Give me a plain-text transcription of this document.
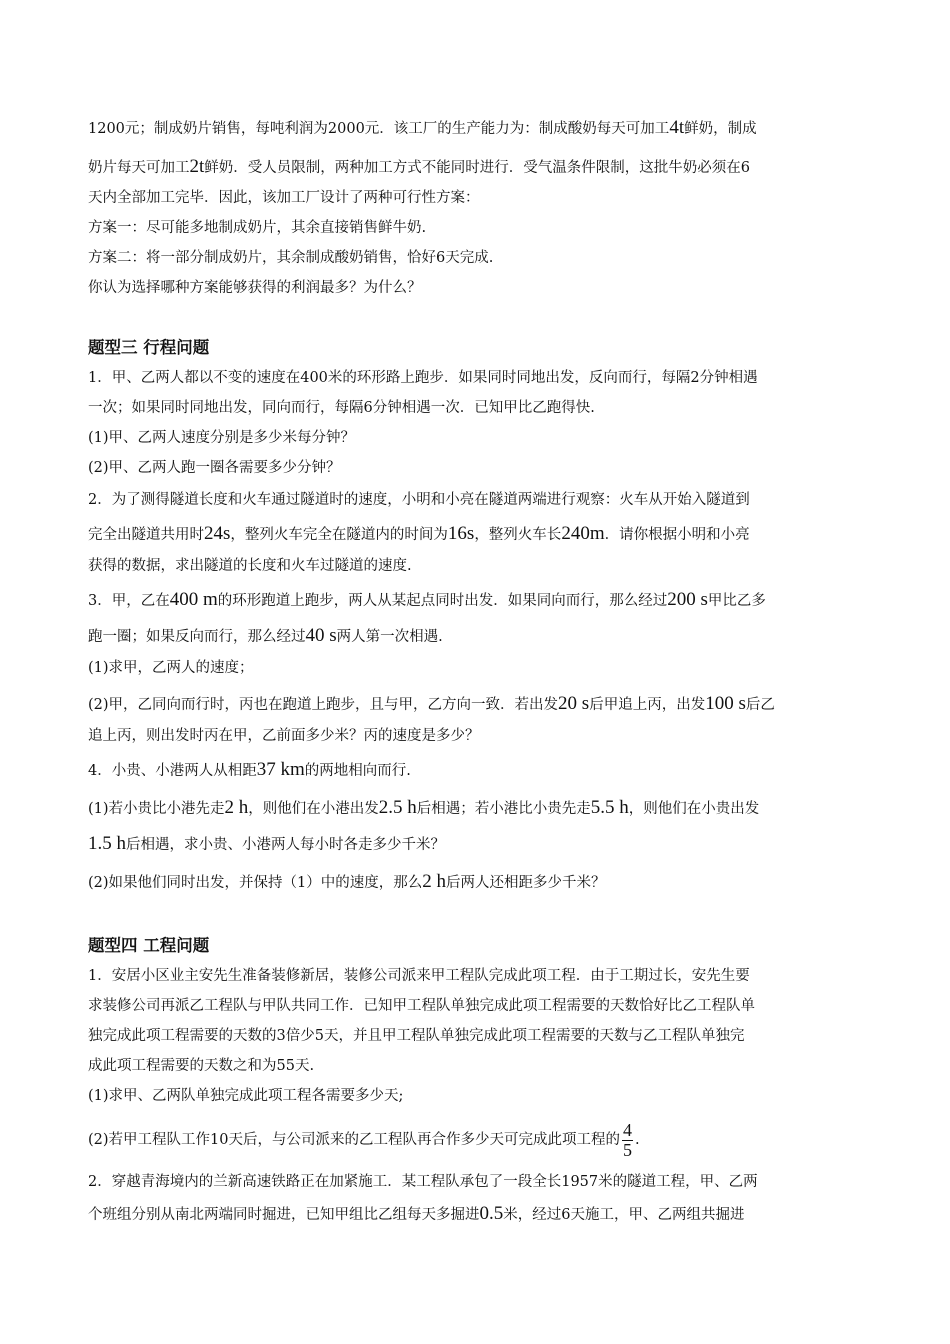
1200元；制成奶片销售，每吨利润为2000元．该工厂的生产能力为：制成酸奶每天可加工4t鲜奶，制成
奶片每天可加工2t鲜奶．受人员限制，两种加工方式不能同时进行．受气温条件限制，这批牛奶必须在6
天内全部加工完毕．因此，该加工厂设计了两种可行性方案：
方案一：尽可能多地制成奶片，其余直接销售鲜牛奶.
方案二：将一部分制成奶片，其余制成酸奶销售，恰好6天完成.
你认为选择哪种方案能够获得的利润最多？为什么？
题型三 行程问题
1．甲、乙两人都以不变的速度在400米的环形路上跑步．如果同时同地出发，反向而行，每隔2分钟相遇
一次；如果同时同地出发，同向而行，每隔6分钟相遇一次．已知甲比乙跑得快.
(1)甲、乙两人速度分别是多少米每分钟？
(2)甲、乙两人跑一圈各需要多少分钟？
2．为了测得隧道长度和火车通过隧道时的速度，小明和小亮在隧道两端进行观察：火车从开始入隧道到
完全出隧道共用时24s，整列火车完全在隧道内的时间为16s，整列火车长240m．请你根据小明和小亮
获得的数据，求出隧道的长度和火车过隧道的速度.
3．甲，乙在400 m的环形跑道上跑步，两人从某起点同时出发．如果同向而行，那么经过200 s甲比乙多
跑一圈；如果反向而行，那么经过40 s两人第一次相遇.
(1)求甲，乙两人的速度；
(2)甲，乙同向而行时，丙也在跑道上跑步，且与甲，乙方向一致．若出发20 s后甲追上丙，出发100 s后乙
追上丙，则出发时丙在甲，乙前面多少米？丙的速度是多少？
4．小贵、小港两人从相距37 km的两地相向而行.
(1)若小贵比小港先走2 h，则他们在小港出发2.5 h后相遇；若小港比小贵先走5.5 h，则他们在小贵出发
1.5 h后相遇，求小贵、小港两人每小时各走多少千米？
(2)如果他们同时出发，并保持（1）中的速度，那么2 h后两人还相距多少千米？
题型四 工程问题
1．安居小区业主安先生准备装修新居，装修公司派来甲工程队完成此项工程．由于工期过长，安先生要
求装修公司再派乙工程队与甲队共同工作．已知甲工程队单独完成此项工程需要的天数恰好比乙工程队单
独完成此项工程需要的天数的3倍少5天，并且甲工程队单独完成此项工程需要的天数与乙工程队单独完
成此项工程需要的天数之和为55天.
(1)求甲、乙两队单独完成此项工程各需要多少天;
(2)若甲工程队工作10天后，与公司派来的乙工程队再合作多少天可完成此项工程的 $\frac{4}{5}$ .
2．穿越青海境内的兰新高速铁路正在加紧施工．某工程队承包了一段全长1957米的隧道工程，甲、乙两
个班组分别从南北两端同时掘进，已知甲组比乙组每天多掘进0.5米，经过6天施工，甲、乙两组共掘进
